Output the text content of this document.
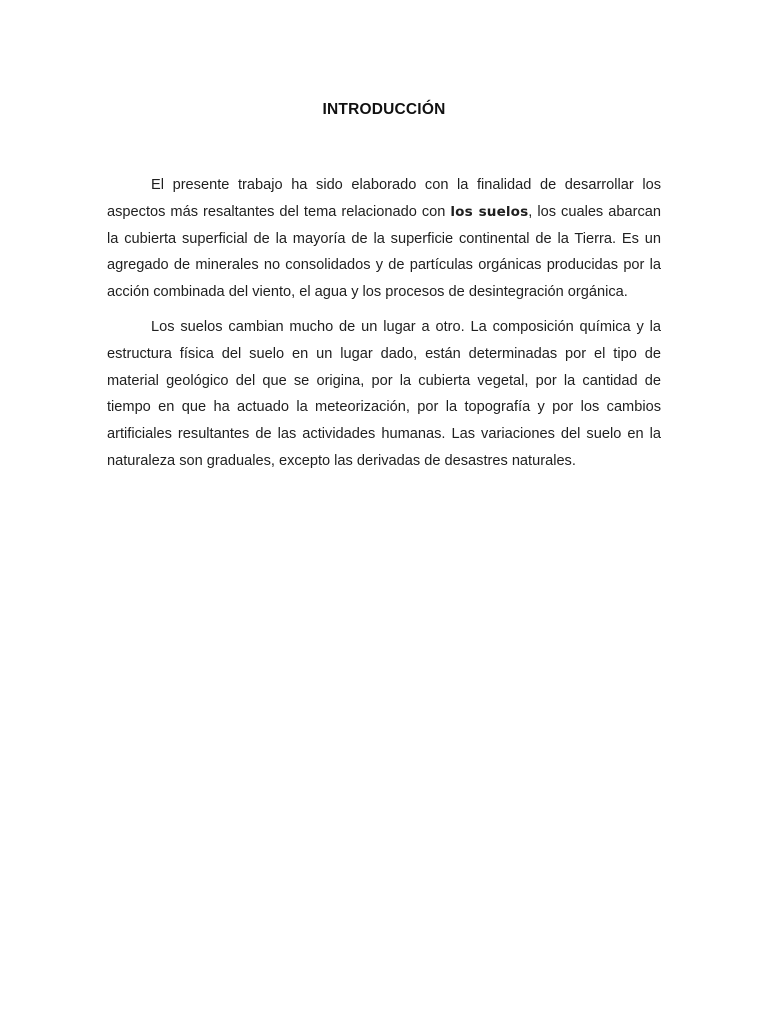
INTRODUCCIÓN

El presente trabajo ha sido elaborado con la finalidad de desarrollar los aspectos más resaltantes del tema relacionado con los suelos, los cuales abarcan la cubierta superficial de la mayoría de la superficie continental de la Tierra. Es un agregado de minerales no consolidados y de partículas orgánicas producidas por la acción combinada del viento, el agua y los procesos de desintegración orgánica.

Los suelos cambian mucho de un lugar a otro. La composición química y la estructura física del suelo en un lugar dado, están determinadas por el tipo de material geológico del que se origina, por la cubierta vegetal, por la cantidad de tiempo en que ha actuado la meteorización, por la topografía y por los cambios artificiales resultantes de las actividades humanas. Las variaciones del suelo en la naturaleza son graduales, excepto las derivadas de desastres naturales.
